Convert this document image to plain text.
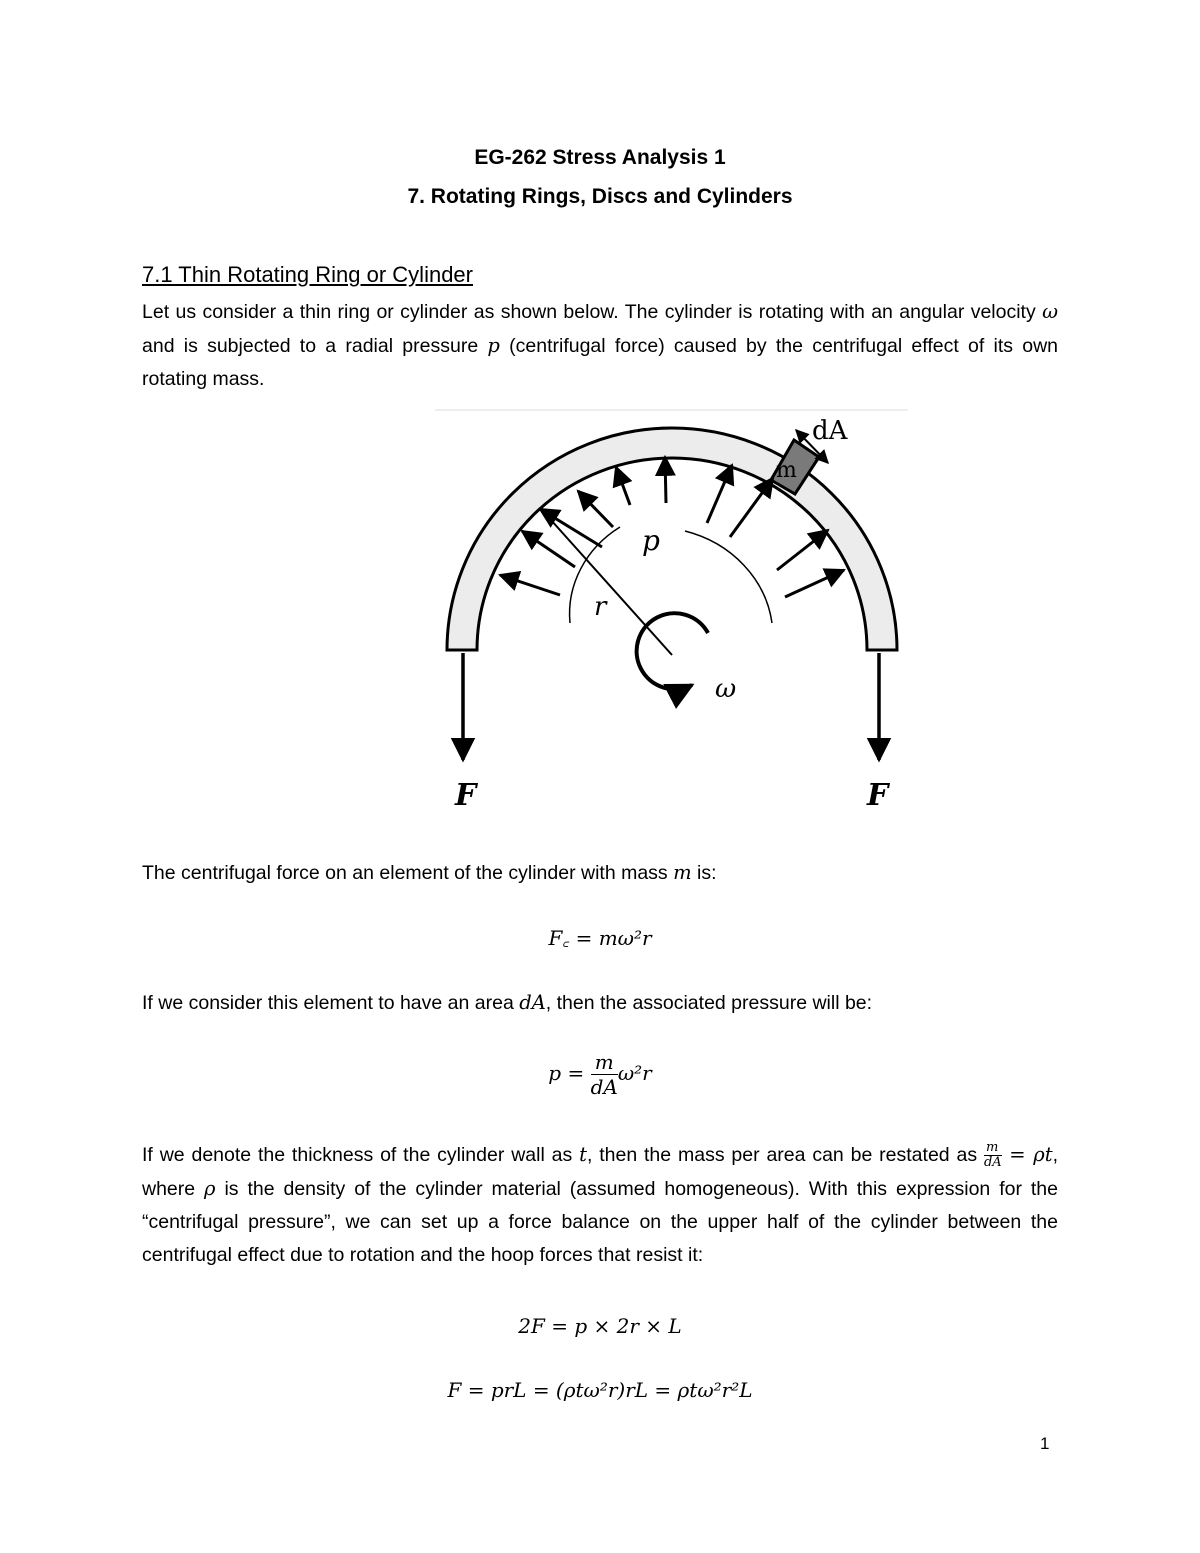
EG-262 Stress Analysis 1
7. Rotating Rings, Discs and Cylinders
7.1 Thin Rotating Ring or Cylinder
Let us consider a thin ring or cylinder as shown below. The cylinder is rotating with an angular velocity ω and is subjected to a radial pressure p (centrifugal force) caused by the centrifugal effect of its own rotating mass.
m
dA
r
p
ω
F	F
The centrifugal force on an element of the cylinder with mass m is:
F꜀ = mω²r
If we consider this element to have an area dA, then the associated pressure will be:
$p = \frac{m}{dA} \omega^2r$
If we denote the thickness of the cylinder wall as t, then the mass per area can be restated as $\frac{m}{dA} = \rho t$, where ρ is the density of the cylinder material (assumed homogeneous). With this expression for the “centrifugal pressure”, we can set up a force balance on the upper half of the cylinder between the centrifugal effect due to rotation and the hoop forces that resist it:
2F = p × 2r × L
F = prL = (ρtω²r)rL = ρtω²r²L
1
